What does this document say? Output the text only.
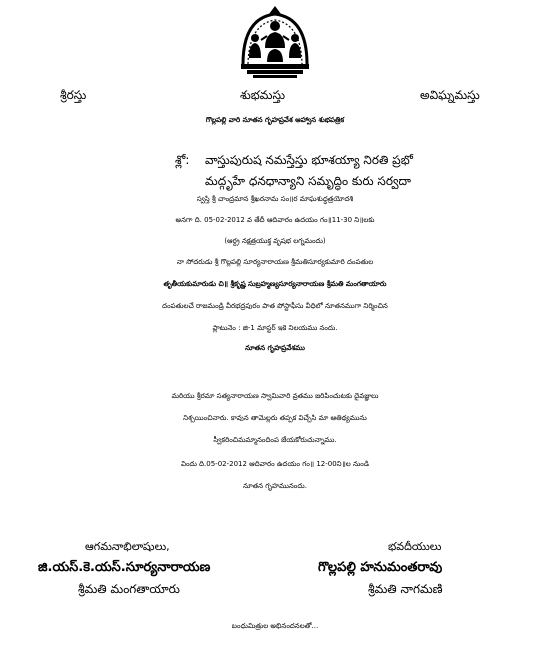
శ్రీరస్తు	శుభమస్తు	అవిఘ్నమస్తు
గొల్లపల్లి వారి నూతన గృహప్రవేశ ఆహ్వాన శుభపత్రిక
శ్లో: వాస్తుపురుష నమస్తేస్తు భూశయ్యా నిరతి ప్రభో
మద్గృహే ధనధాన్యాని సమృద్ధిం కురు సర్వదా
స్వస్తి శ్రీ చాంద్రమాన శ్రీఖరనామ సం॥ర మాఘశుద్ధత్రయోదశి
అనగా ది. 05-02-2012 వ తేదీ ఆదివారం ఉదయం గం॥11-30 ని॥లకు
(ఆర్ద్ర నక్షత్రయుక్త వృషభ లగ్నమందు)
నా సోదరుడు శ్రీ గొల్లపల్లి సూర్యనారాయణ శ్రీమతిసూర్యకుమారి దంపతుల
తృతీయకుమారుడు చి॥ శ్రీకృష్ణ సుబ్రహ్మణ్యసూర్యనారాయణ శ్రీమతి మంగతాయారు
దంపతులచే రాజమండ్రి వీరభద్రపురం పాత పోస్టాఫీసు వీధిలో నూతనముగా నిర్మించిన
ప్లాటునెం : జి-1 మాస్టర్ ఇకె నిలయము నందు.
నూతన గృహప్రవేశము
మరియు శ్రీరమా సత్యనారాయణ స్వామివారి వ్రతము జరిపించుటకు దైవజ్ఞులు
నిశ్చయించినారు. కావున తామెల్లరు తప్పక విచ్చేసి మా ఆతిథ్యమును
స్వీకరించిమమ్మానందింప జేయకోరుచున్నాము.
విందు ది.05-02-2012 ఆదివారం ఉదయం గం॥ 12-00ని॥ల నుండి
నూతన గృహమునందు.
ఆగమనాభిలాషులు,
జి.యస్.కె.యస్.సూర్యనారాయణ
శ్రీమతి మంగతాయారు
భవదీయులు
గొల్లపల్లి హనుమంతరావు
శ్రీమతి నాగమణి
బంధుమిత్రుల అభినందనలతో...
